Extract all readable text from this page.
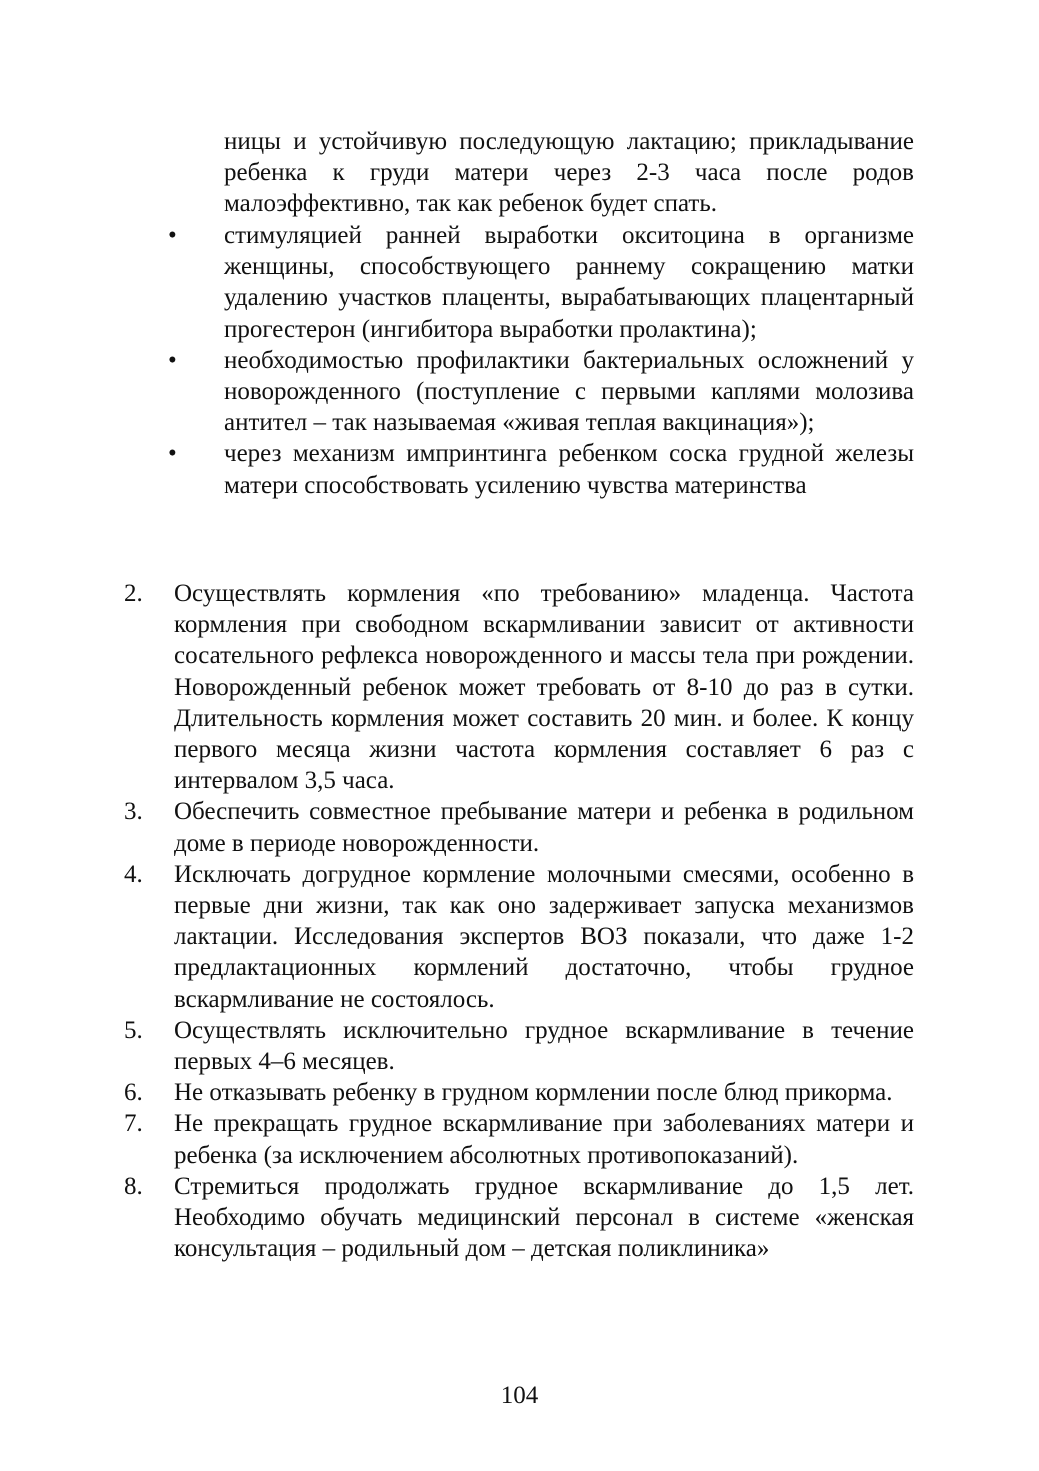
ницы и устойчивую последующую лактацию; прикладывание ребенка к груди матери через 2-3 часа после родов малоэффективно, так как ребенок будет спать.

•	стимуляцией ранней выработки окситоцина в организме женщины, способствующего раннему сокращению матки удалению участков плаценты, вырабатывающих плацентарный прогестерон (ингибитора выработки пролактина);
•	необходимостью профилактики бактериальных осложнений у новорожденного (поступление с первыми каплями молозива антител – так называемая «живая теплая вакцинация»);
•	через механизм импринтинга ребенком соска грудной железы матери способствовать усилению чувства материнства
2.	Осуществлять кормления «по требованию» младенца. Частота кормления при свободном вскармливании зависит от активности сосательного рефлекса новорожденного и массы тела при рождении. Новорожденный ребенок может требовать от 8-10 до раз в сутки. Длительность кормления может составить 20 мин. и более. К концу первого месяца жизни частота кормления составляет 6 раз с интервалом 3,5 часа.
3.	Обеспечить совместное пребывание матери и ребенка в родильном доме в периоде новорожденности.
4.	Исключать догрудное кормление молочными смесями, особенно в первые дни жизни, так как оно задерживает запуска механизмов лактации. Исследования экспертов ВОЗ показали, что даже 1-2 предлактационных кормлений достаточно, чтобы грудное вскармливание не состоялось.
5.	Осуществлять исключительно грудное вскармливание в течение первых 4–6 месяцев.
6.	Не отказывать ребенку в грудном кормлении после блюд прикорма.
7.	Не прекращать грудное вскармливание при заболеваниях матери и ребенка (за исключением абсолютных противопоказаний).
8.	Стремиться продолжать грудное вскармливание до 1,5 лет. Необходимо обучать медицинский персонал в системе «женская консультация – родильный дом – детская поликлиника»
104
